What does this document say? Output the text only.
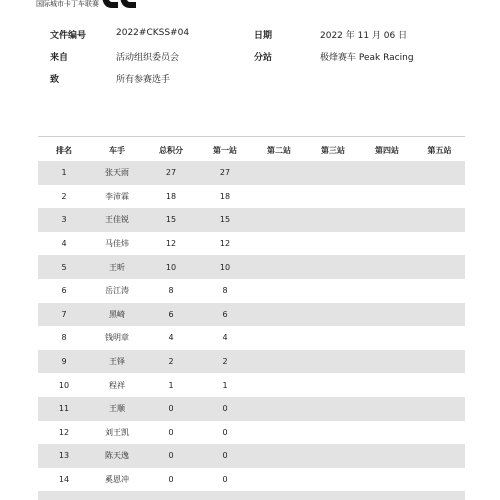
国际城市卡丁车联赛
文件编号	2022#CKSS#04	日期	2022 年 11 月 06 日
来自	活动组织委员会	分站	极烽赛车 Peak Racing
致	所有参赛选手
排名	车手	总积分	第一站	第二站	第三站	第四站	第五站
1	张天雨	27	27				
2	李沛霖	18	18				
3	王佳锐	15	15				
4	马佳炜	12	12				
5	王昕	10	10				
6	岳江涛	8	8				
7	黑崎	6	6				
8	钱明章	4	4				
9	王铎	2	2				
10	程祥	1	1				
11	王顺	0	0				
12	刘王凯	0	0				
13	陈天逸	0	0				
14	奚恩冲	0	0				
